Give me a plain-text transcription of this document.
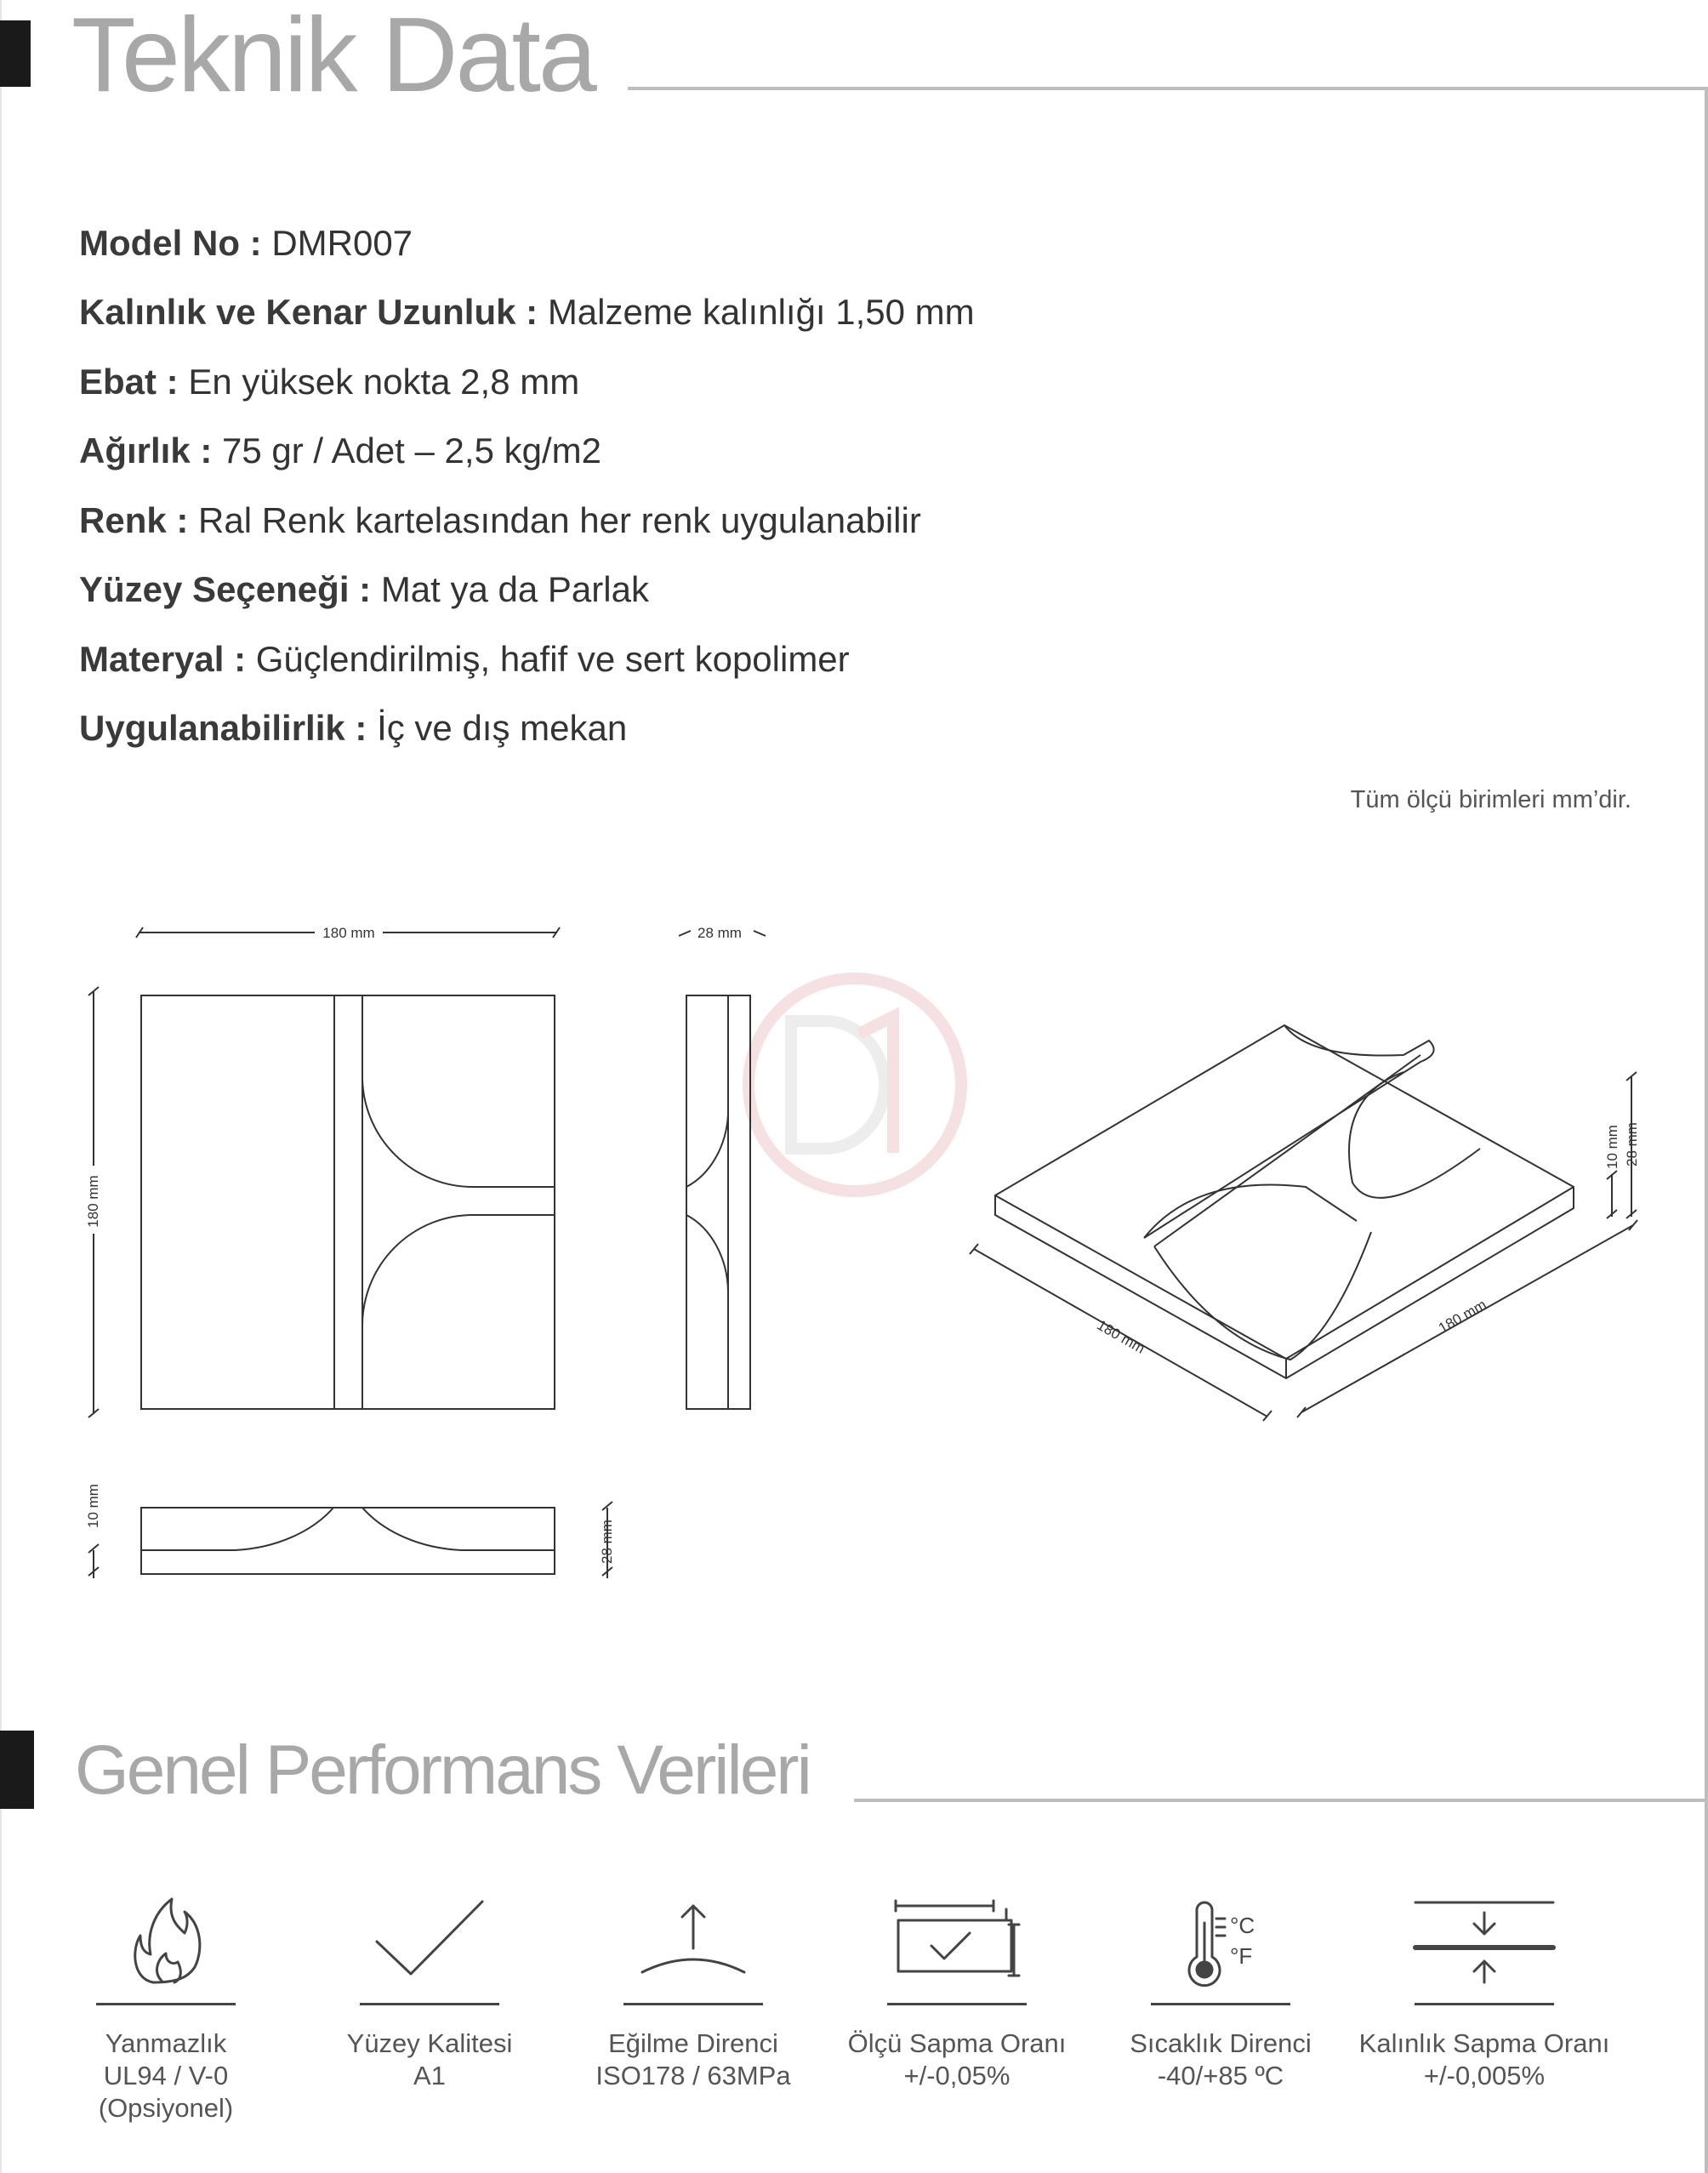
Teknik Data
Model No : DMR007
Kalınlık ve Kenar Uzunluk : Malzeme kalınlığı 1,50 mm
Ebat : En yüksek nokta 2,8 mm
Ağırlık : 75 gr / Adet – 2,5 kg/m2
Renk : Ral Renk kartelasından her renk uygulanabilir
Yüzey Seçeneği : Mat ya da Parlak
Materyal : Güçlendirilmiş, hafif ve sert kopolimer
Uygulanabilirlik : İç ve dış mekan
Tüm ölçü birimleri mm’dir.
180 mm	28 mm
180 mm
10 mm
28 mm
180 mm
180 mm
28 mm
10 mm
Genel Performans Verileri
°C
°F
Yanmazlık
UL94 / V-0
(Opsiyonel)
Yüzey Kalitesi
A1
Eğilme Direnci
ISO178 / 63MPa
Ölçü Sapma Oranı
+/-0,05%
Sıcaklık Direnci
-40/+85 ºC
Kalınlık Sapma Oranı
+/-0,005%
